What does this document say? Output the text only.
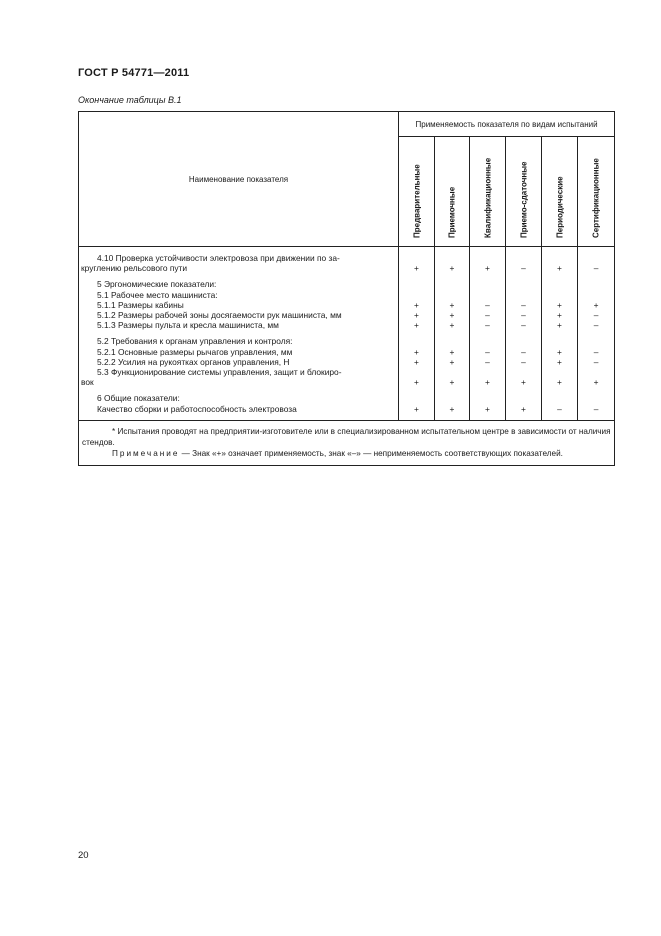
ГОСТ Р 54771—2011
Окончание таблицы В.1
Наименование показателя	Применяемость показателя по видам испытаний					

	Предварительные	Приемочные	Квалификационные	Приемо-сдаточные	Периодические	Сертификационные

4.10 Проверка устойчивости электровоза при движении по за-						
круглению рельсового пути	+	+	+	–	+	–

5 Эргономические показатели:						
5.1 Рабочее место машиниста:						
5.1.1 Размеры кабины	+	+	–	–	+	+
5.1.2 Размеры рабочей зоны досягаемости рук машиниста, мм	+	+	–	–	+	–
5.1.3 Размеры пульта и кресла машиниста, мм	+	+	–	–	+	–

5.2 Требования к органам управления и контроля:						
5.2.1 Основные размеры рычагов управления, мм	+	+	–	–	+	–
5.2.2 Усилия на рукоятках органов управления, Н	+	+	–	–	+	–
5.3 Функционирование системы управления, защит и блокиро-						
вок	+	+	+	+	+	+

6 Общие показатели:						
Качество сборки и работоспособность электровоза	+	+	+	+	–	–

* Испытания проводят на предприятии-изготовителе или в специализированном испытательном центре в зависимости от наличия стендов.

Примечание — Знак «+» означает применяемость, знак «–» — неприменяемость соответствующих показателей.						

20
